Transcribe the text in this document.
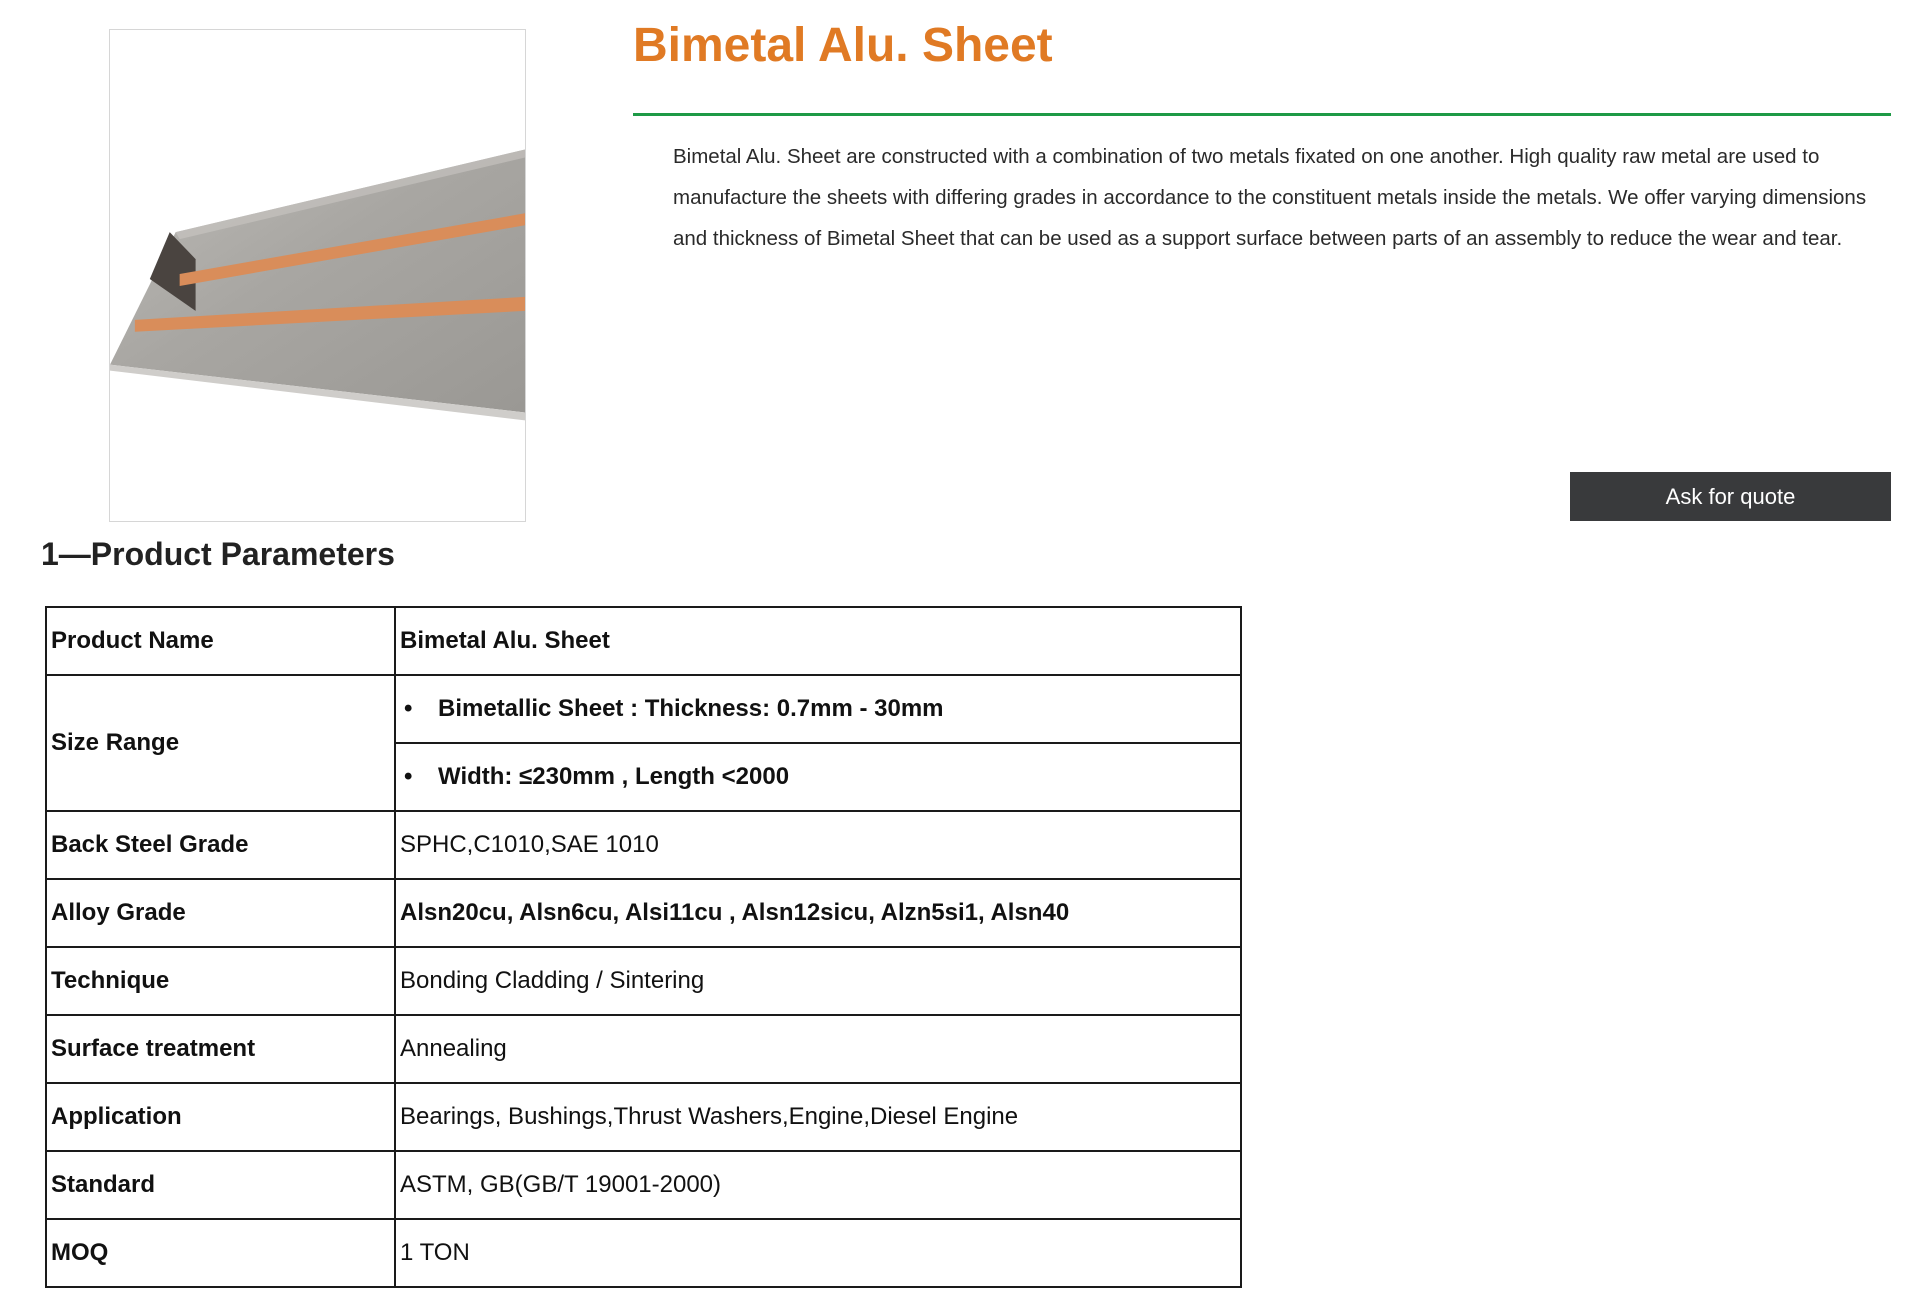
Bimetal Alu. Sheet

Bimetal Alu. Sheet are constructed with a combination of two metals fixated on one another. High quality raw metal are used to manufacture the sheets with differing grades in accordance to the constituent metals inside the metals. We offer varying dimensions and thickness of Bimetal Sheet that can be used as a support surface between parts of an assembly to reduce the wear and tear.

Ask for quote
1—Product Parameters
Product Name	Bimetal Alu. Sheet
Size Range	• Bimetallic Sheet : Thickness: 0.7mm - 30mm
	• Width: ≤230mm , Length <2000
Back Steel Grade	SPHC,C1010,SAE 1010
Alloy Grade	Alsn20cu, Alsn6cu, Alsi11cu , Alsn12sicu, Alzn5si1, Alsn40
Technique	Bonding Cladding / Sintering
Surface treatment	Annealing
Application	Bearings, Bushings,Thrust Washers,Engine,Diesel Engine
Standard	ASTM, GB(GB/T 19001-2000)
MOQ	1 TON
